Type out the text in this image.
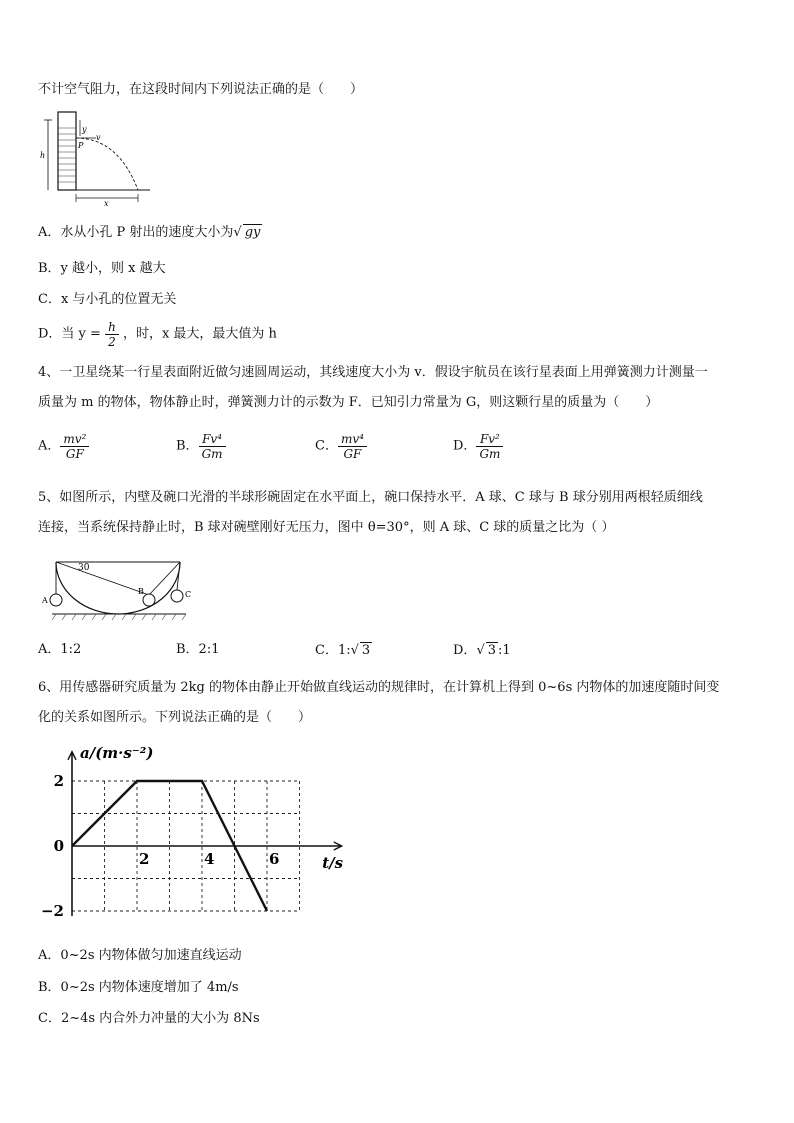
不计空气阻力，在这段时间内下列说法正确的是（　　）
y
v
P
h
x
A．水从小孔 P 射出的速度大小为√ gy
B．y 越小，则 x 越大
C．x 与小孔的位置无关
D．当 $y = \frac{h}{2}$ ，时，x 最大，最大值为 h
4、一卫星绕某一行星表面附近做匀速圆周运动，其线速度大小为 v．假设宇航员在该行星表面上用弹簧测力计测量一
质量为 m 的物体，物体静止时，弹簧测力计的示数为 F．已知引力常量为 G，则这颗行星的质量为（　　）
A． $\frac{\text{mv²}}{GF}$	B． $\frac{\text{Fv⁴}}{Gm}$	C． $\frac{\text{mv⁴}}{GF}$	D． $\frac{\text{Fv²}}{Gm}$
5、如图所示，内壁及碗口光滑的半球形碗固定在水平面上，碗口保持水平．A 球、C 球与 B 球分别用两根轻质细线
连接，当系统保持静止时，B 球对碗壁刚好无压力，图中 θ=30°，则 A 球、C 球的质量之比为（ ）
A
B	C
30
A．1:2	B．2:1	C．1:√ 3	D．√ 3 :1
6、用传感器研究质量为 2kg 的物体由静止开始做直线运动的规律时，在计算机上得到 0~6s 内物体的加速度随时间变
化的关系如图所示。下列说法正确的是（　　）
2	4	6
2
0
−2
a/(m·s⁻²)
t/s
A．0~2s 内物体做匀加速直线运动
B．0~2s 内物体速度增加了 4m/s
C．2~4s 内合外力冲量的大小为 8Ns
